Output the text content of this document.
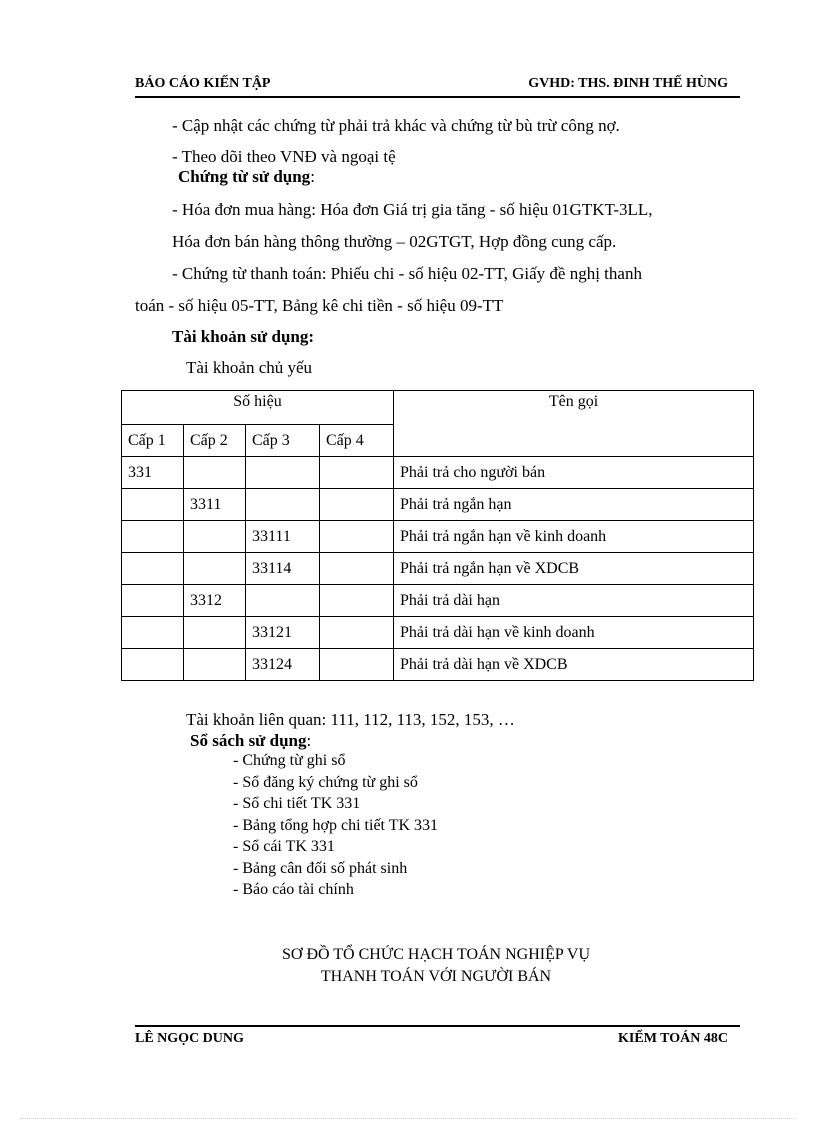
BÁO CÁO KIẾN TẬP	GVHD: THS. ĐINH THẾ HÙNG
- Cập nhật các chứng từ phải trả khác và chứng từ bù trừ công nợ.
- Theo dõi theo VNĐ và ngoại tệ
Chứng từ sử dụng:
- Hóa đơn mua hàng: Hóa đơn Giá trị gia tăng - số hiệu 01GTKT-3LL,
Hóa đơn bán hàng thông thường – 02GTGT, Hợp đồng cung cấp.
- Chứng từ thanh toán: Phiếu chi - số hiệu 02-TT, Giấy đề nghị thanh
toán - số hiệu 05-TT, Bảng kê chi tiền - số hiệu 09-TT
Tài khoản sử dụng:
Tài khoản chủ yếu
Số hiệu				Tên gọi
Cấp 1	Cấp 2	Cấp 3	Cấp 4	
331				Phải trả cho người bán
	3311			Phải trả ngắn hạn
		33111		Phải trả ngắn hạn về kinh doanh
		33114		Phải trả ngắn hạn về XDCB
	3312			Phải trả dài hạn
		33121		Phải trả dài hạn về kinh doanh
		33124		Phải trả dài hạn về XDCB
Tài khoản liên quan: 111, 112, 113, 152, 153, …
Sổ sách sử dụng:
- Chứng từ ghi sổ
- Sổ đăng ký chứng từ ghi sổ
- Sổ chi tiết TK 331
- Bảng tổng hợp chi tiết TK 331
- Sổ cái TK 331
- Bảng cân đối số phát sinh
- Báo cáo tài chính
SƠ ĐỒ TỔ CHỨC HẠCH TOÁN NGHIỆP VỤ
THANH TOÁN VỚI NGƯỜI BÁN
LÊ NGỌC DUNG	KIỂM TOÁN 48C
